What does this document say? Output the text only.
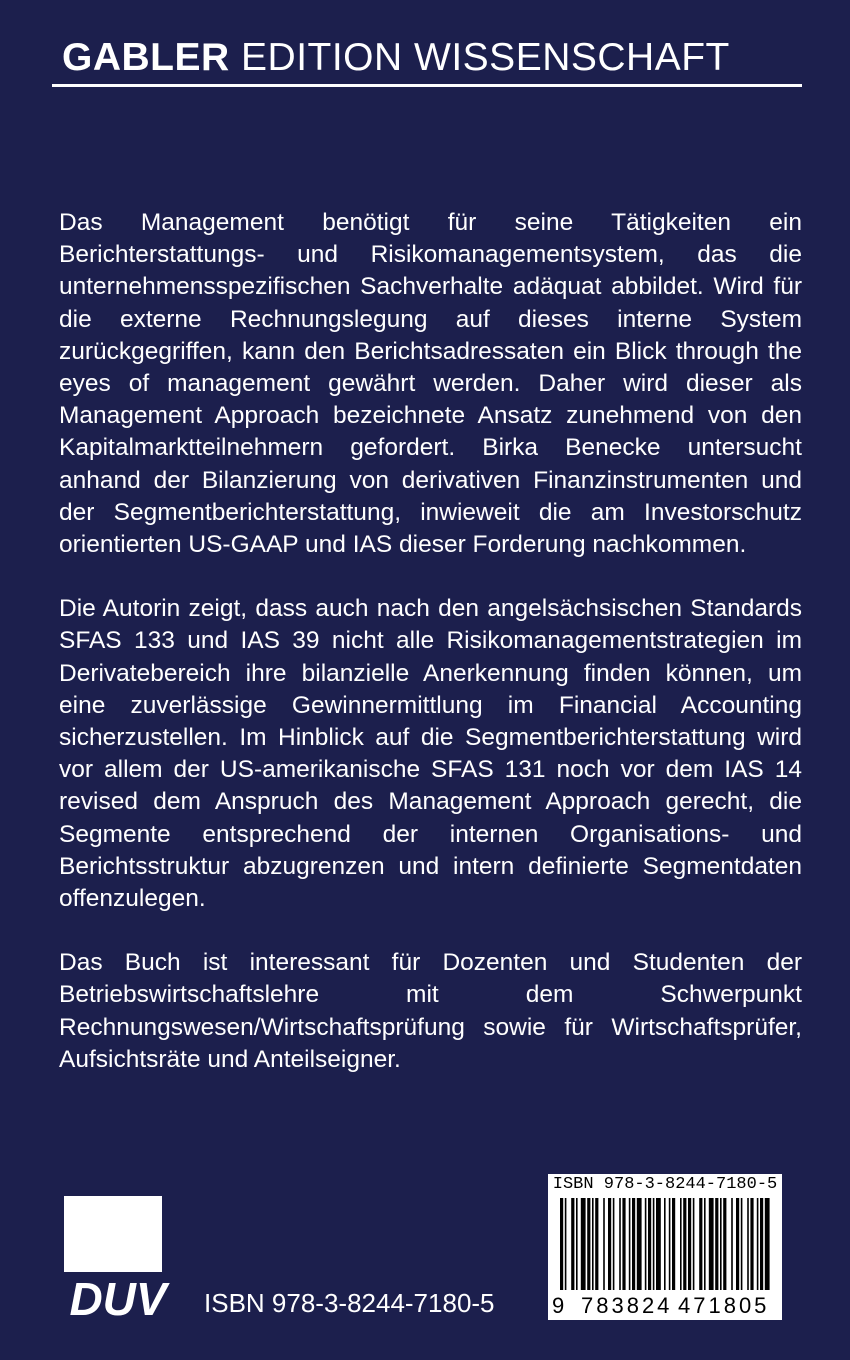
GABLER EDITION WISSENSCHAFT

Das Management benötigt für seine Tätigkeiten ein Berichterstattungs- und Risikomanagementsystem, das die unternehmensspezifischen Sachverhalte adäquat abbildet. Wird für die externe Rechnungslegung auf dieses interne System zurückgegriffen, kann den Berichtsadressaten ein Blick through the eyes of management gewährt werden. Daher wird dieser als Management Approach bezeichnete Ansatz zunehmend von den Kapitalmarktteilnehmern gefordert. Birka Benecke untersucht anhand der Bilanzierung von derivativen Finanzinstrumenten und der Segmentberichterstattung, inwieweit die am Investorschutz orientierten US-GAAP und IAS dieser Forderung nachkommen.

Die Autorin zeigt, dass auch nach den angelsächsischen Standards SFAS 133 und IAS 39 nicht alle Risikomanagementstrategien im Derivatebereich ihre bilanzielle Anerkennung finden können, um eine zuverlässige Gewinnermittlung im Financial Accounting sicherzustellen. Im Hinblick auf die Segmentberichterstattung wird vor allem der US-amerikanische SFAS 131 noch vor dem IAS 14 revised dem Anspruch des Management Approach gerecht, die Segmente entsprechend der internen Organisations- und Berichtsstruktur abzugrenzen und intern definierte Segmentdaten offenzulegen.

Das Buch ist interessant für Dozenten und Studenten der Betriebswirtschaftslehre mit dem Schwerpunkt Rechnungswesen/Wirtschaftsprüfung sowie für Wirtschaftsprüfer, Aufsichtsräte und Anteilseigner.

DUV ISBN 978-3-8244-7180-5
ISBN 978-3-8244-7180-5
9 783824 471805
